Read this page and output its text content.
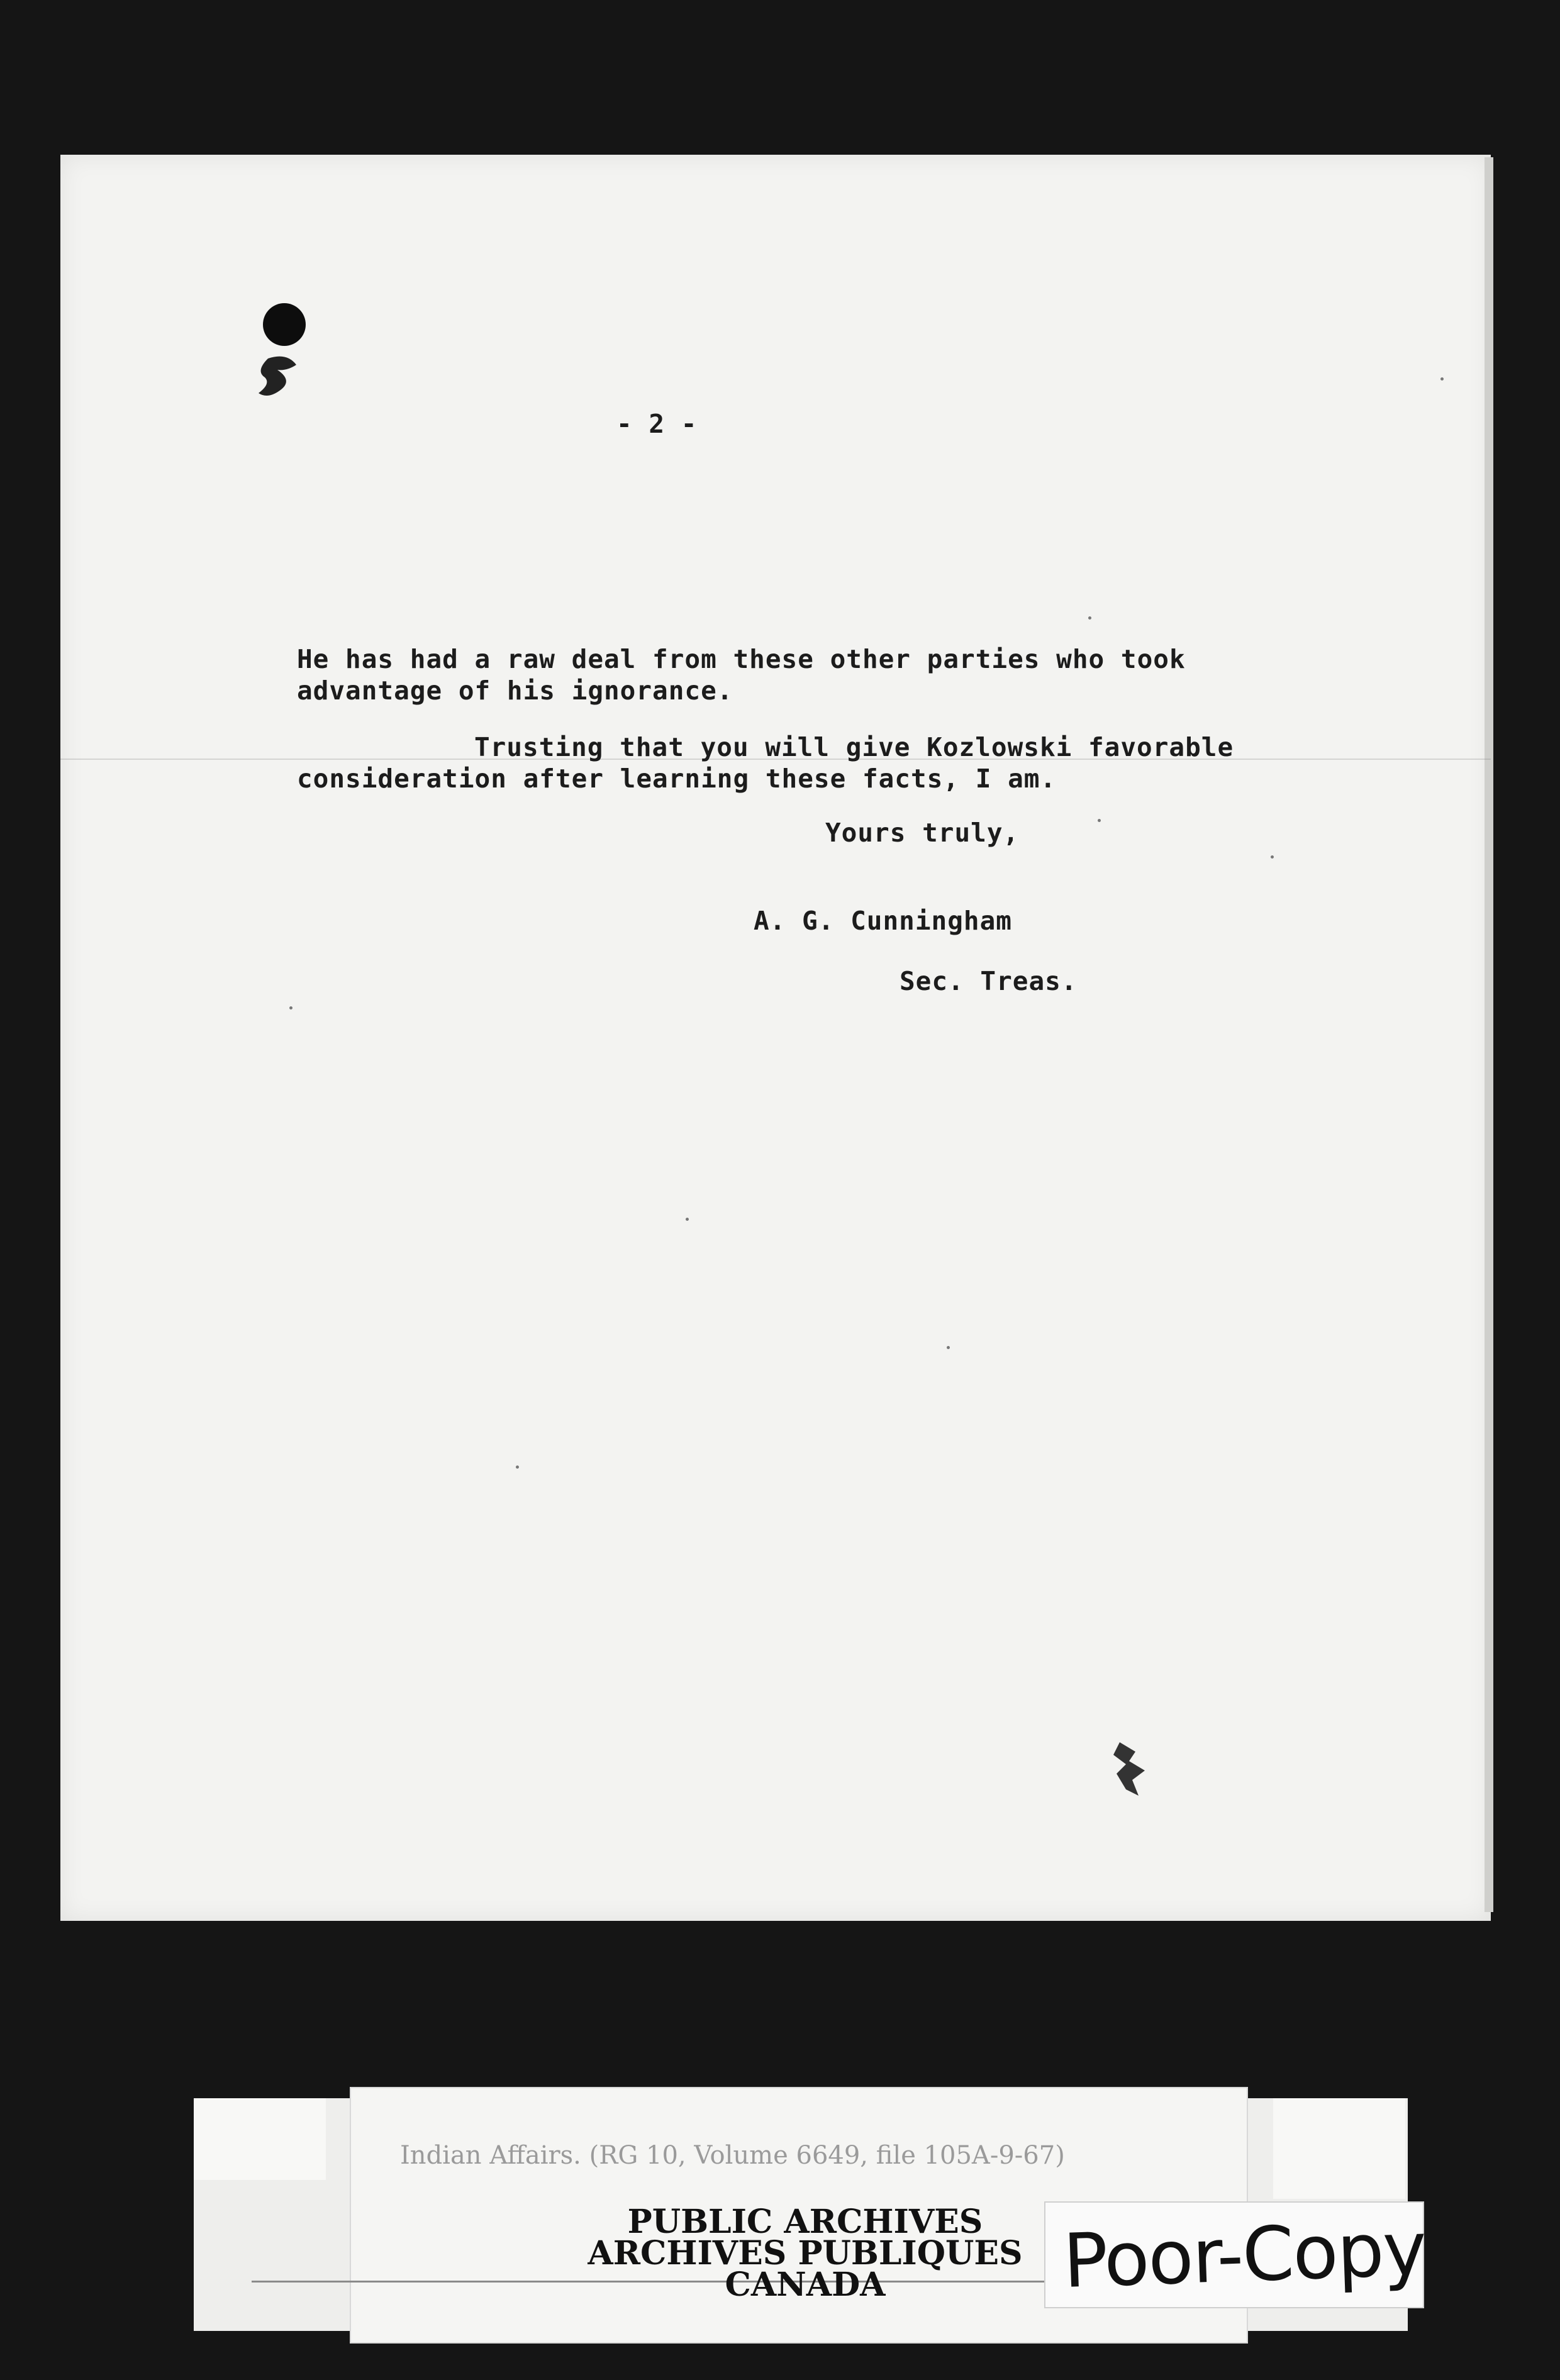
- 2 -
He has had a raw deal from these other parties who took
advantage of his ignorance.
Trusting that you will give Kozlowski favorable
consideration after learning these facts, I am.
Yours truly,
A. G. Cunningham
Sec. Treas.
Indian Affairs. (RG 10, Volume 6649, file 105A-9-67)
PUBLIC ARCHIVES
ARCHIVES PUBLIQUES
CANADA	Poor-Copy
